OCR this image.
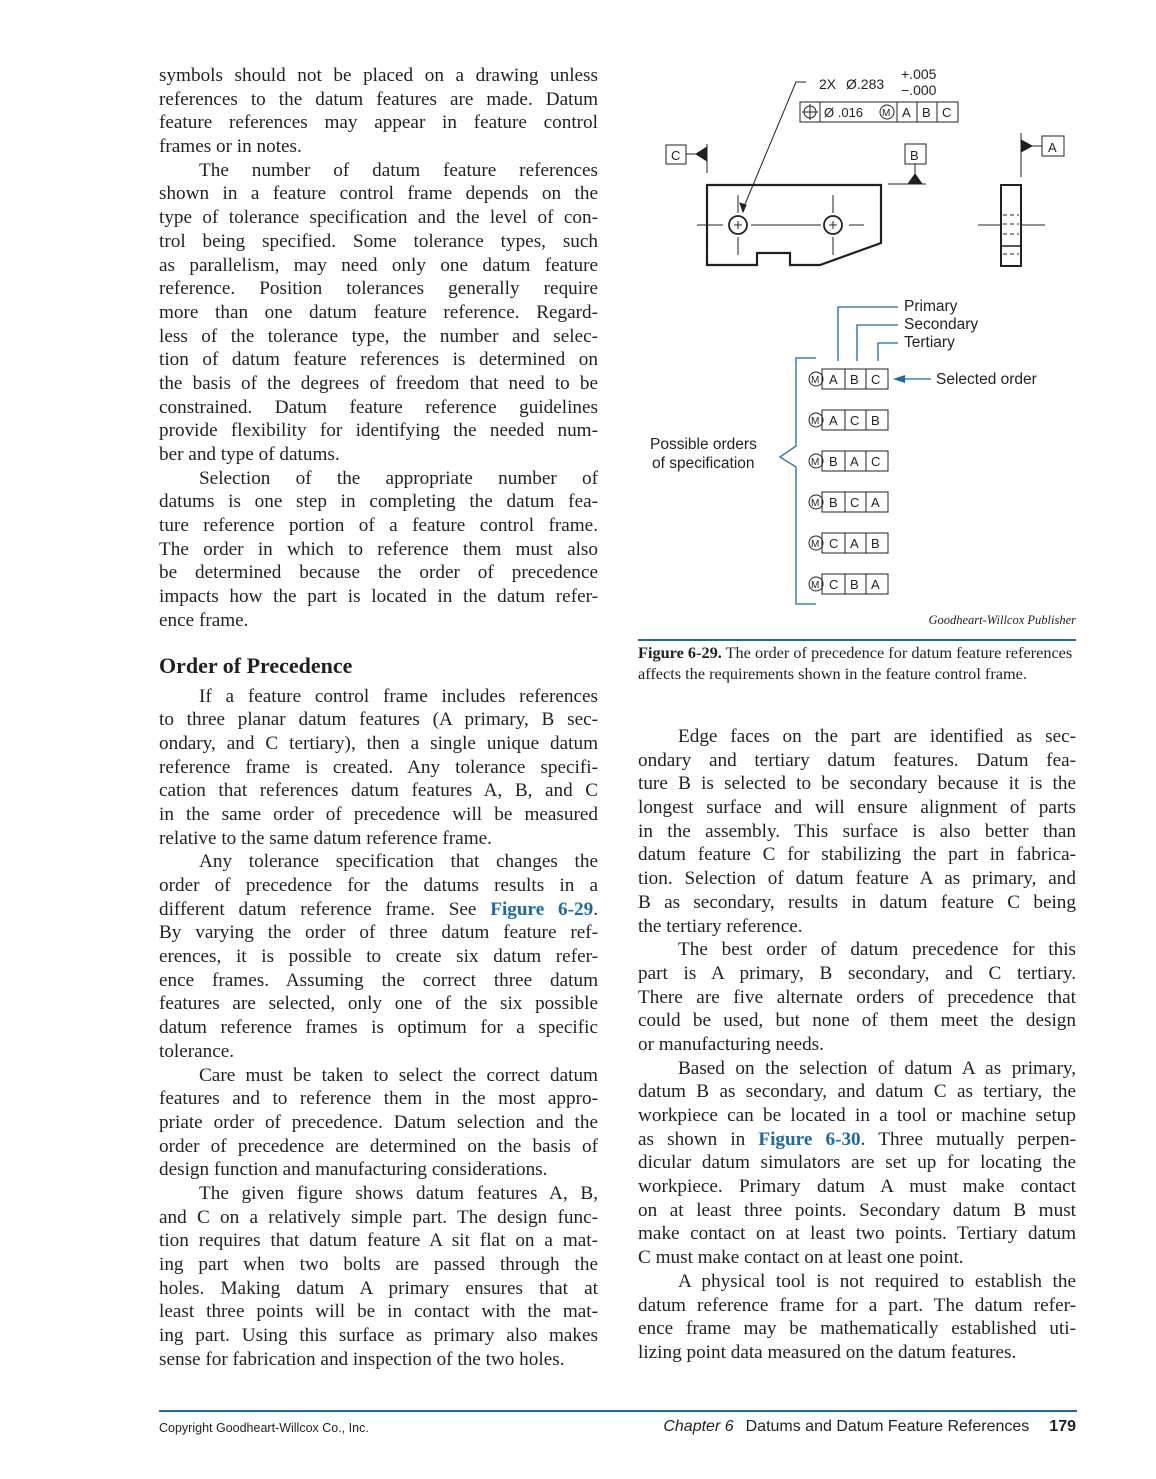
symbols should not be placed on a drawing unless
references to the datum features are made. Datum
feature references may appear in feature control
frames or in notes.
The number of datum feature references
shown in a feature control frame depends on the
type of tolerance specification and the level of con-
trol being specified. Some tolerance types, such
as parallelism, may need only one datum feature
reference. Position tolerances generally require
more than one datum feature reference. Regard-
less of the tolerance type, the number and selec-
tion of datum feature references is determined on
the basis of the degrees of freedom that need to be
constrained. Datum feature reference guidelines
provide flexibility for identifying the needed num-
ber and type of datums.
Selection of the appropriate number of
datums is one step in completing the datum fea-
ture reference portion of a feature control frame.
The order in which to reference them must also
be determined because the order of precedence
impacts how the part is located in the datum refer-
ence frame.
Order of Precedence
If a feature control frame includes references
to three planar datum features (A primary, B sec-
ondary, and C tertiary), then a single unique datum
reference frame is created. Any tolerance specifi-
cation that references datum features A, B, and C
in the same order of precedence will be measured
relative to the same datum reference frame.
Any tolerance specification that changes the
order of precedence for the datums results in a
different datum reference frame. See Figure 6-29.
By varying the order of three datum feature ref-
erences, it is possible to create six datum refer-
ence frames. Assuming the correct three datum
features are selected, only one of the six possible
datum reference frames is optimum for a specific
tolerance.
Care must be taken to select the correct datum
features and to reference them in the most appro-
priate order of precedence. Datum selection and the
order of precedence are determined on the basis of
design function and manufacturing considerations.
The given figure shows datum features A, B,
and C on a relatively simple part. The design func-
tion requires that datum feature A sit flat on a mat-
ing part when two bolts are passed through the
holes. Making datum A primary ensures that at
least three points will be in contact with the mat-
ing part. Using this surface as primary also makes
sense for fabrication and inspection of the two holes.
2X Ø.283
+.005
−.000
Ø .016 M A B C
C	B
A
M A B C
M A C B
M B A C
M B C A
M C A B
M C B A
Primary
Secondary
Tertiary
Selected order
Possible orders
of specification
Goodheart-Willcox Publisher
Figure 6-29. The order of precedence for datum feature references affects the requirements shown in the feature control frame.
Edge faces on the part are identified as sec-
ondary and tertiary datum features. Datum fea-
ture B is selected to be secondary because it is the
longest surface and will ensure alignment of parts
in the assembly. This surface is also better than
datum feature C for stabilizing the part in fabrica-
tion. Selection of datum feature A as primary, and
B as secondary, results in datum feature C being
the tertiary reference.
The best order of datum precedence for this
part is A primary, B secondary, and C tertiary.
There are five alternate orders of precedence that
could be used, but none of them meet the design
or manufacturing needs.
Based on the selection of datum A as primary,
datum B as secondary, and datum C as tertiary, the
workpiece can be located in a tool or machine setup
as shown in Figure 6-30. Three mutually perpen-
dicular datum simulators are set up for locating the
workpiece. Primary datum A must make contact
on at least three points. Secondary datum B must
make contact on at least two points. Tertiary datum
C must make contact on at least one point.
A physical tool is not required to establish the
datum reference frame for a part. The datum refer-
ence frame may be mathematically established uti-
lizing point data measured on the datum features.
Copyright Goodheart-Willcox Co., Inc.	Chapter 6 Datums and Datum Feature References 179
